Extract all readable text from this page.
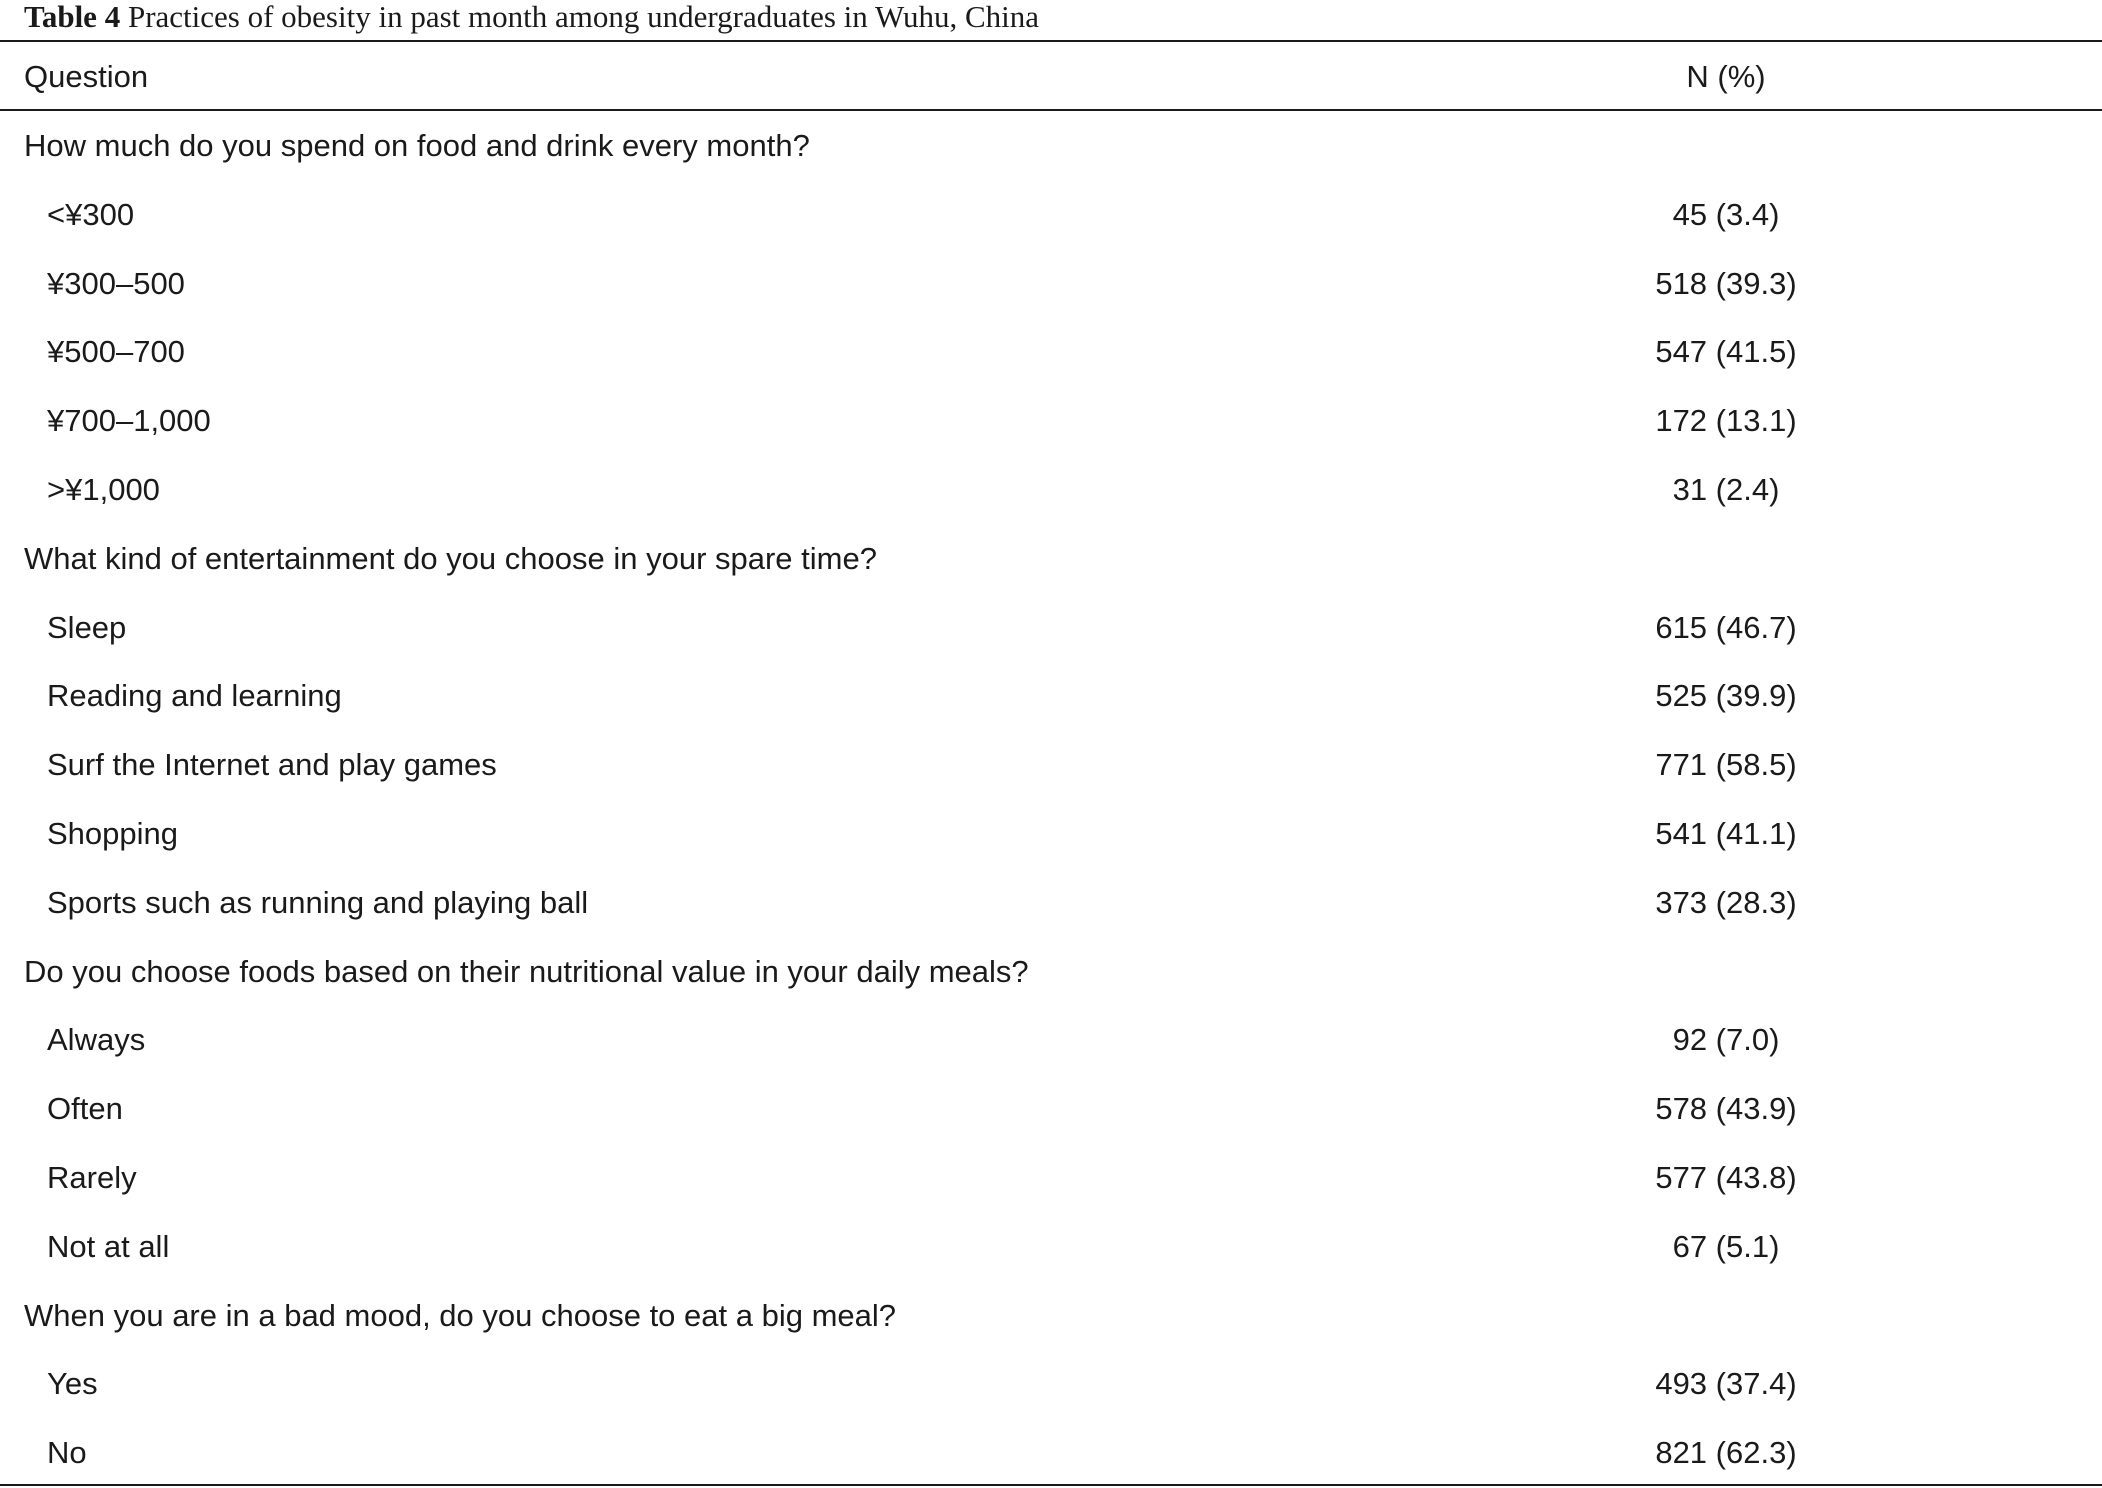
Table 4 Practices of obesity in past month among undergraduates in Wuhu, China
Question	N (%)
How much do you spend on food and drink every month?
<¥300	45 (3.4)
¥300–500	518 (39.3)
¥500–700	547 (41.5)
¥700–1,000	172 (13.1)
>¥1,000	31 (2.4)
What kind of entertainment do you choose in your spare time?
Sleep	615 (46.7)
Reading and learning	525 (39.9)
Surf the Internet and play games	771 (58.5)
Shopping	541 (41.1)
Sports such as running and playing ball	373 (28.3)
Do you choose foods based on their nutritional value in your daily meals?
Always	92 (7.0)
Often	578 (43.9)
Rarely	577 (43.8)
Not at all	67 (5.1)
When you are in a bad mood, do you choose to eat a big meal?
Yes	493 (37.4)
No	821 (62.3)
